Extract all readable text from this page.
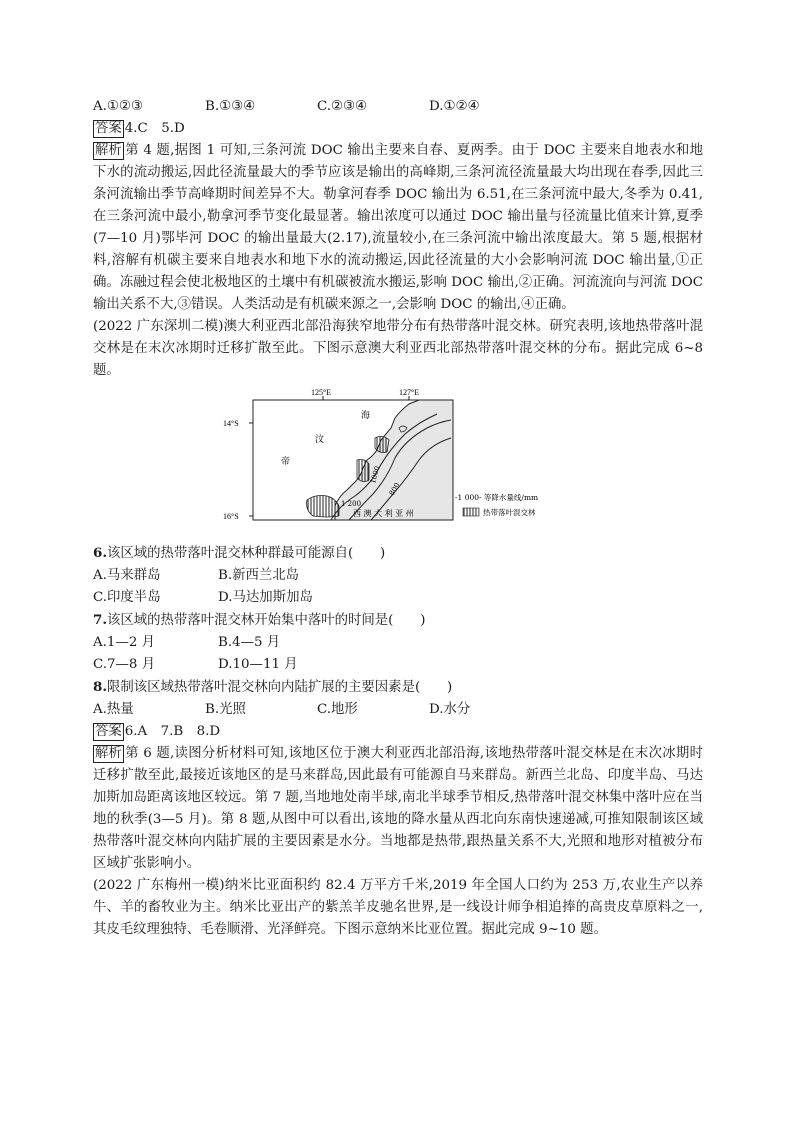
A.①②③	B.①③④	C.②③④	D.①②④
答案 4.C　5.D

解析 第 4 题,据图 1 可知,三条河流 DOC 输出主要来自春、夏两季。由于 DOC 主要来自地表水和地下水的流动搬运,因此径流量最大的季节应该是输出的高峰期,三条河流径流量最大均出现在春季,因此三条河流输出季节高峰期时间差异不大。勒拿河春季 DOC 输出为 6.51,在三条河流中最大,冬季为 0.41,在三条河流中最小,勒拿河季节变化最显著。输出浓度可以通过 DOC 输出量与径流量比值来计算,夏季(7—10 月)鄂毕河 DOC 的输出量最大(2.17),流量较小,在三条河流中输出浓度最大。第 5 题,根据材料,溶解有机碳主要来自地表水和地下水的流动搬运,因此径流量的大小会影响河流 DOC 输出量,①正确。冻融过程会使北极地区的土壤中有机碳被流水搬运,影响 DOC 输出,②正确。河流流向与河流 DOC 输出关系不大,③错误。人类活动是有机碳来源之一,会影响 DOC 的输出,④正确。

(2022 广东深圳二模)澳大利亚西北部沿海狭窄地带分布有热带落叶混交林。研究表明,该地热带落叶混交林是在末次冰期时迁移扩散至此。下图示意澳大利亚西北部热带落叶混交林的分布。据此完成 6~8 题。

125°E	127°E
14°S
16°S
帝
汶
海
1000
800
1 200
西 澳 大 利 亚 州
-1 000- 等降水量线/mm
热带落叶混交林
6.该区域的热带落叶混交林种群最可能源自(　　)
A.马来群岛	B.新西兰北岛
C.印度半岛	D.马达加斯加岛
7.该区域的热带落叶混交林开始集中落叶的时间是(　　)
A.1—2 月	B.4—5 月
C.7—8 月	D.10—11 月
8.限制该区域热带落叶混交林向内陆扩展的主要因素是(　　)
A.热量	B.光照	C.地形	D.水分
答案 6.A　7.B　8.D

解析 第 6 题,读图分析材料可知,该地区位于澳大利亚西北部沿海,该地热带落叶混交林是在末次冰期时迁移扩散至此,最接近该地区的是马来群岛,因此最有可能源自马来群岛。新西兰北岛、印度半岛、马达加斯加岛距离该地区较远。第 7 题,当地地处南半球,南北半球季节相反,热带落叶混交林集中落叶应在当地的秋季(3—5 月)。第 8 题,从图中可以看出,该地的降水量从西北向东南快速递减,可推知限制该区域热带落叶混交林向内陆扩展的主要因素是水分。当地都是热带,跟热量关系不大,光照和地形对植被分布区域扩张影响小。

(2022 广东梅州一模)纳米比亚面积约 82.4 万平方千米,2019 年全国人口约为 253 万,农业生产以养牛、羊的畜牧业为主。纳米比亚出产的紫羔羊皮驰名世界,是一线设计师争相追捧的高贵皮草原料之一,其皮毛纹理独特、毛卷顺滑、光泽鲜亮。下图示意纳米比亚位置。据此完成 9~10 题。
